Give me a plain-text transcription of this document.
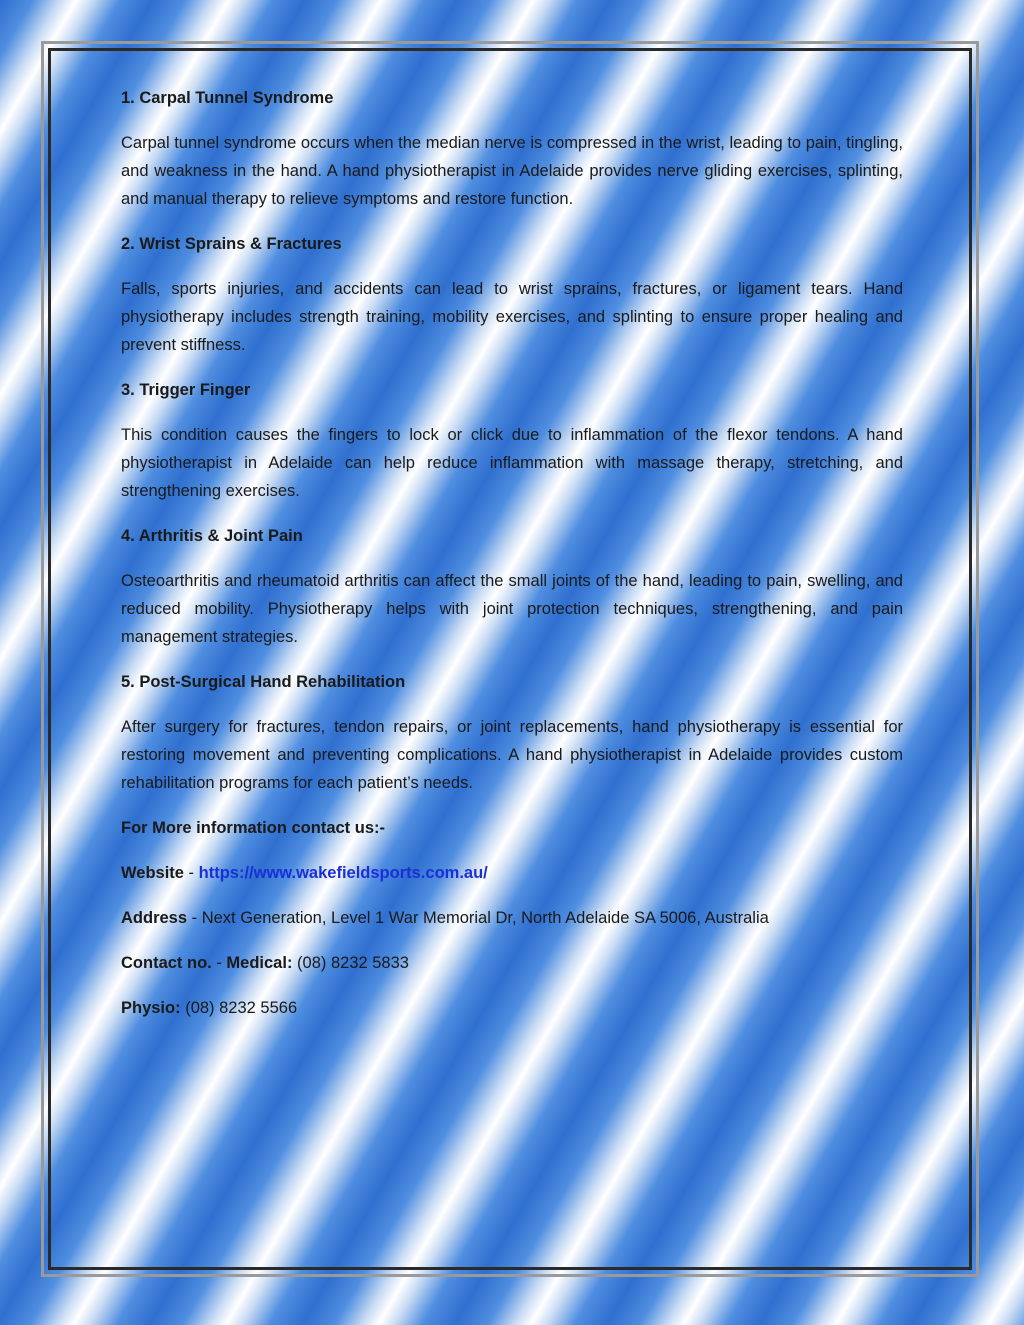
1. Carpal Tunnel Syndrome

Carpal tunnel syndrome occurs when the median nerve is compressed in the wrist, leading to pain, tingling, and weakness in the hand. A hand physiotherapist in Adelaide provides nerve gliding exercises, splinting, and manual therapy to relieve symptoms and restore function.

2. Wrist Sprains & Fractures

Falls, sports injuries, and accidents can lead to wrist sprains, fractures, or ligament tears. Hand physiotherapy includes strength training, mobility exercises, and splinting to ensure proper healing and prevent stiffness.

3. Trigger Finger

This condition causes the fingers to lock or click due to inflammation of the flexor tendons. A hand physiotherapist in Adelaide can help reduce inflammation with massage therapy, stretching, and strengthening exercises.

4. Arthritis & Joint Pain

Osteoarthritis and rheumatoid arthritis can affect the small joints of the hand, leading to pain, swelling, and reduced mobility. Physiotherapy helps with joint protection techniques, strengthening, and pain management strategies.

5. Post-Surgical Hand Rehabilitation

After surgery for fractures, tendon repairs, or joint replacements, hand physiotherapy is essential for restoring movement and preventing complications. A hand physiotherapist in Adelaide provides custom rehabilitation programs for each patient’s needs.

For More information contact us:-

Website - https://www.wakefieldsports.com.au/

Address - Next Generation, Level 1 War Memorial Dr, North Adelaide SA 5006, Australia

Contact no. - Medical: (08) 8232 5833

Physio: (08) 8232 5566
